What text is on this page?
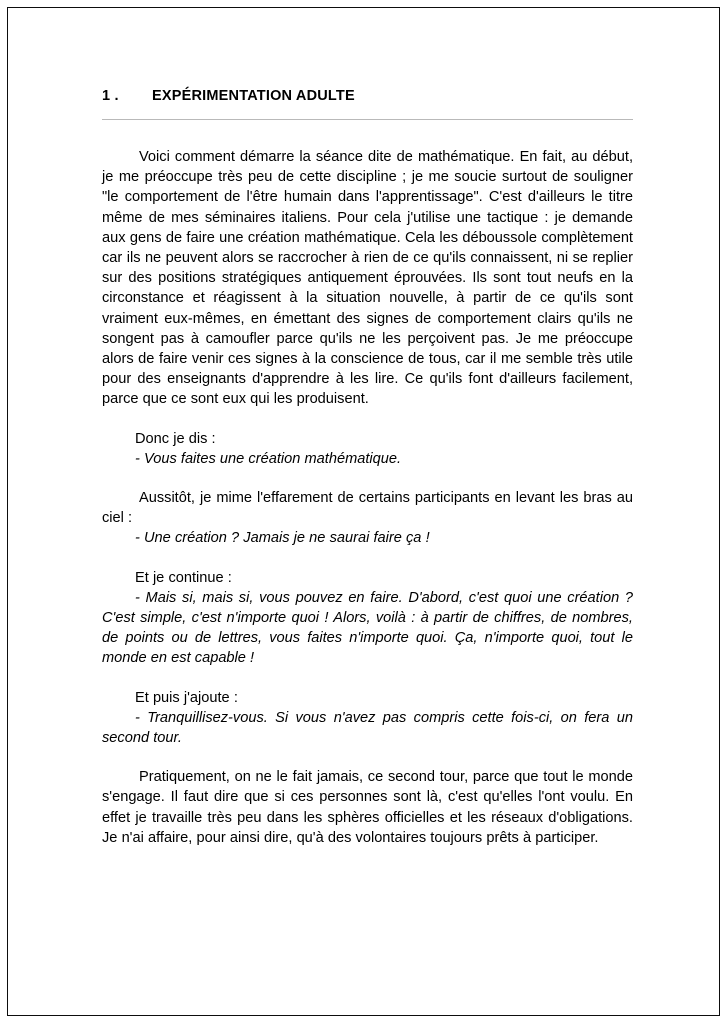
1 . EXPÉRIMENTATION ADULTE

Voici comment démarre la séance dite de mathématique. En fait, au début, je me préoccupe très peu de cette discipline ; je me soucie surtout de souligner "le comportement de l'être humain dans l'apprentissage". C'est d'ailleurs le titre même de mes séminaires italiens. Pour cela j'utilise une tactique : je demande aux gens de faire une création mathématique. Cela les déboussole complètement car ils ne peuvent alors se raccrocher à rien de ce qu'ils connaissent, ni se replier sur des positions stratégiques antiquement éprouvées. Ils sont tout neufs en la circonstance et réagissent à la situation nouvelle, à partir de ce qu'ils sont vraiment eux-mêmes, en émettant des signes de comportement clairs qu'ils ne songent pas à camoufler parce qu'ils ne les perçoivent pas. Je me préoccupe alors de faire venir ces signes à la conscience de tous, car il me semble très utile pour des enseignants d'apprendre à les lire. Ce qu'ils font d'ailleurs facilement, parce que ce sont eux qui les produisent.

Donc je dis :

- Vous faites une création mathématique.

Aussitôt, je mime l'effarement de certains participants en levant les bras au ciel :

- Une création ? Jamais je ne saurai faire ça !

Et je continue :

- Mais si, mais si, vous pouvez en faire. D'abord, c'est quoi une création ? C'est simple, c'est n'importe quoi ! Alors, voilà : à partir de chiffres, de nombres, de points ou de lettres, vous faites n'importe quoi. Ça, n'importe quoi, tout le monde en est capable !

Et puis j'ajoute :

- Tranquillisez-vous. Si vous n'avez pas compris cette fois-ci, on fera un second tour.

Pratiquement, on ne le fait jamais, ce second tour, parce que tout le monde s'engage. Il faut dire que si ces personnes sont là, c'est qu'elles l'ont voulu. En effet je travaille très peu dans les sphères officielles et les réseaux d'obligations. Je n'ai affaire, pour ainsi dire, qu'à des volontaires toujours prêts à participer.
